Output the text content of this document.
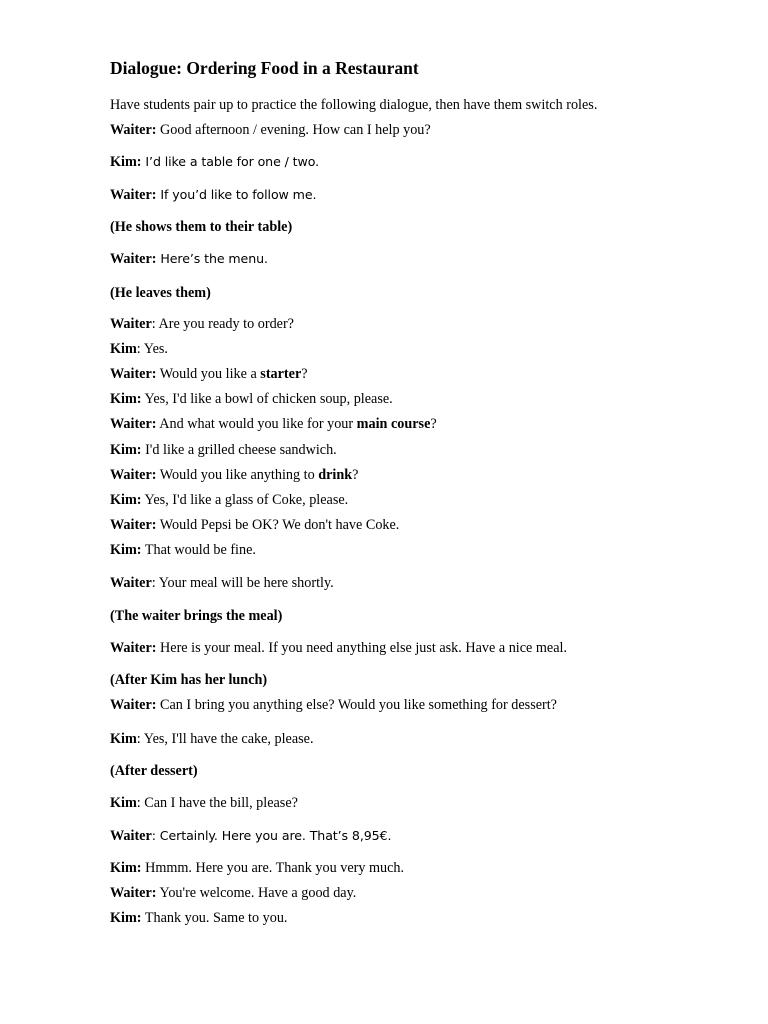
Dialogue: Ordering Food in a Restaurant
Have students pair up to practice the following dialogue, then have them switch roles.
Waiter: Good afternoon / evening. How can I help you?
Kim: I’d like a table for one / two.
Waiter: If you’d like to follow me.
(He shows them to their table)
Waiter: Here’s the menu.
(He leaves them)
Waiter: Are you ready to order?
Kim: Yes.
Waiter: Would you like a starter?
Kim: Yes, I'd like a bowl of chicken soup, please.
Waiter: And what would you like for your main course?
Kim: I'd like a grilled cheese sandwich.
Waiter: Would you like anything to drink?
Kim: Yes, I'd like a glass of Coke, please.
Waiter: Would Pepsi be OK? We don't have Coke.
Kim: That would be fine.
Waiter: Your meal will be here shortly.
(The waiter brings the meal)
Waiter: Here is your meal. If you need anything else just ask. Have a nice meal.
(After Kim has her lunch)
Waiter: Can I bring you anything else? Would you like something for dessert?
Kim: Yes, I'll have the cake, please.
(After dessert)
Kim: Can I have the bill, please?
Waiter: Certainly. Here you are. That’s 8,95€.
Kim: Hmmm. Here you are. Thank you very much.
Waiter: You're welcome. Have a good day.
Kim: Thank you. Same to you.
